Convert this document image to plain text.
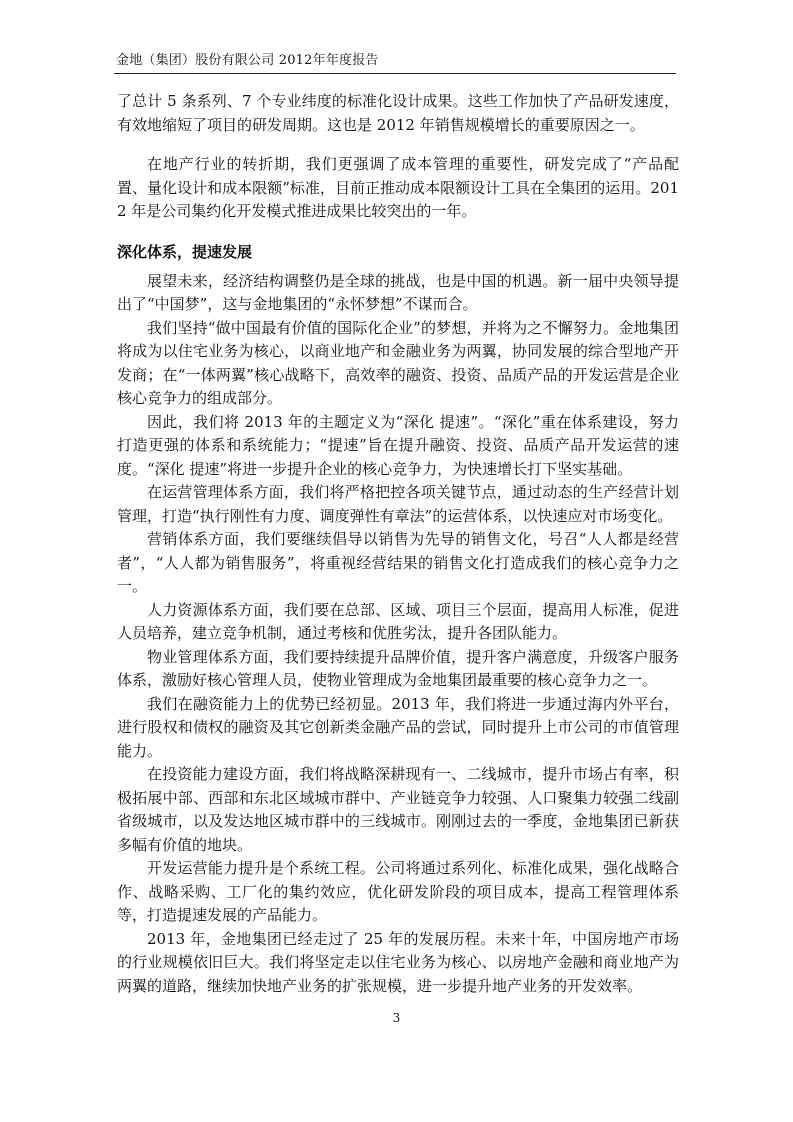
金地（集团）股份有限公司 2012年年度报告

了总计 5 条系列、7 个专业纬度的标准化设计成果。这些工作加快了产品研发速度，有效地缩短了项目的研发周期。这也是 2012 年销售规模增长的重要原因之一。

在地产行业的转折期，我们更强调了成本管理的重要性，研发完成了“产品配置、量化设计和成本限额”标准，目前正推动成本限额设计工具在全集团的运用。2012 年是公司集约化开发模式推进成果比较突出的一年。

深化体系，提速发展

展望未来，经济结构调整仍是全球的挑战，也是中国的机遇。新一届中央领导提出了“中国梦”，这与金地集团的“永怀梦想”不谋而合。

我们坚持“做中国最有价值的国际化企业”的梦想，并将为之不懈努力。金地集团将成为以住宅业务为核心，以商业地产和金融业务为两翼，协同发展的综合型地产开发商；在“一体两翼”核心战略下，高效率的融资、投资、品质产品的开发运营是企业核心竞争力的组成部分。

因此，我们将 2013 年的主题定义为“深化 提速”。“深化”重在体系建设，努力打造更强的体系和系统能力；“提速”旨在提升融资、投资、品质产品开发运营的速度。“深化 提速”将进一步提升企业的核心竞争力，为快速增长打下坚实基础。

在运营管理体系方面，我们将严格把控各项关键节点，通过动态的生产经营计划管理，打造“执行刚性有力度、调度弹性有章法”的运营体系，以快速应对市场变化。

营销体系方面，我们要继续倡导以销售为先导的销售文化，号召“人人都是经营者”，“人人都为销售服务”，将重视经营结果的销售文化打造成我们的核心竞争力之一。

人力资源体系方面，我们要在总部、区域、项目三个层面，提高用人标准，促进人员培养，建立竞争机制，通过考核和优胜劣汰，提升各团队能力。

物业管理体系方面，我们要持续提升品牌价值，提升客户满意度，升级客户服务体系，激励好核心管理人员，使物业管理成为金地集团最重要的核心竞争力之一。

我们在融资能力上的优势已经初显。2013 年，我们将进一步通过海内外平台，进行股权和债权的融资及其它创新类金融产品的尝试，同时提升上市公司的市值管理能力。

在投资能力建设方面，我们将战略深耕现有一、二线城市，提升市场占有率，积极拓展中部、西部和东北区域城市群中、产业链竞争力较强、人口聚集力较强二线副省级城市，以及发达地区城市群中的三线城市。刚刚过去的一季度，金地集团已新获多幅有价值的地块。

开发运营能力提升是个系统工程。公司将通过系列化、标准化成果，强化战略合作、战略采购、工厂化的集约效应，优化研发阶段的项目成本，提高工程管理体系等，打造提速发展的产品能力。

2013 年，金地集团已经走过了 25 年的发展历程。未来十年，中国房地产市场的行业规模依旧巨大。我们将坚定走以住宅业务为核心、以房地产金融和商业地产为两翼的道路，继续加快地产业务的扩张规模，进一步提升地产业务的开发效率。

3
